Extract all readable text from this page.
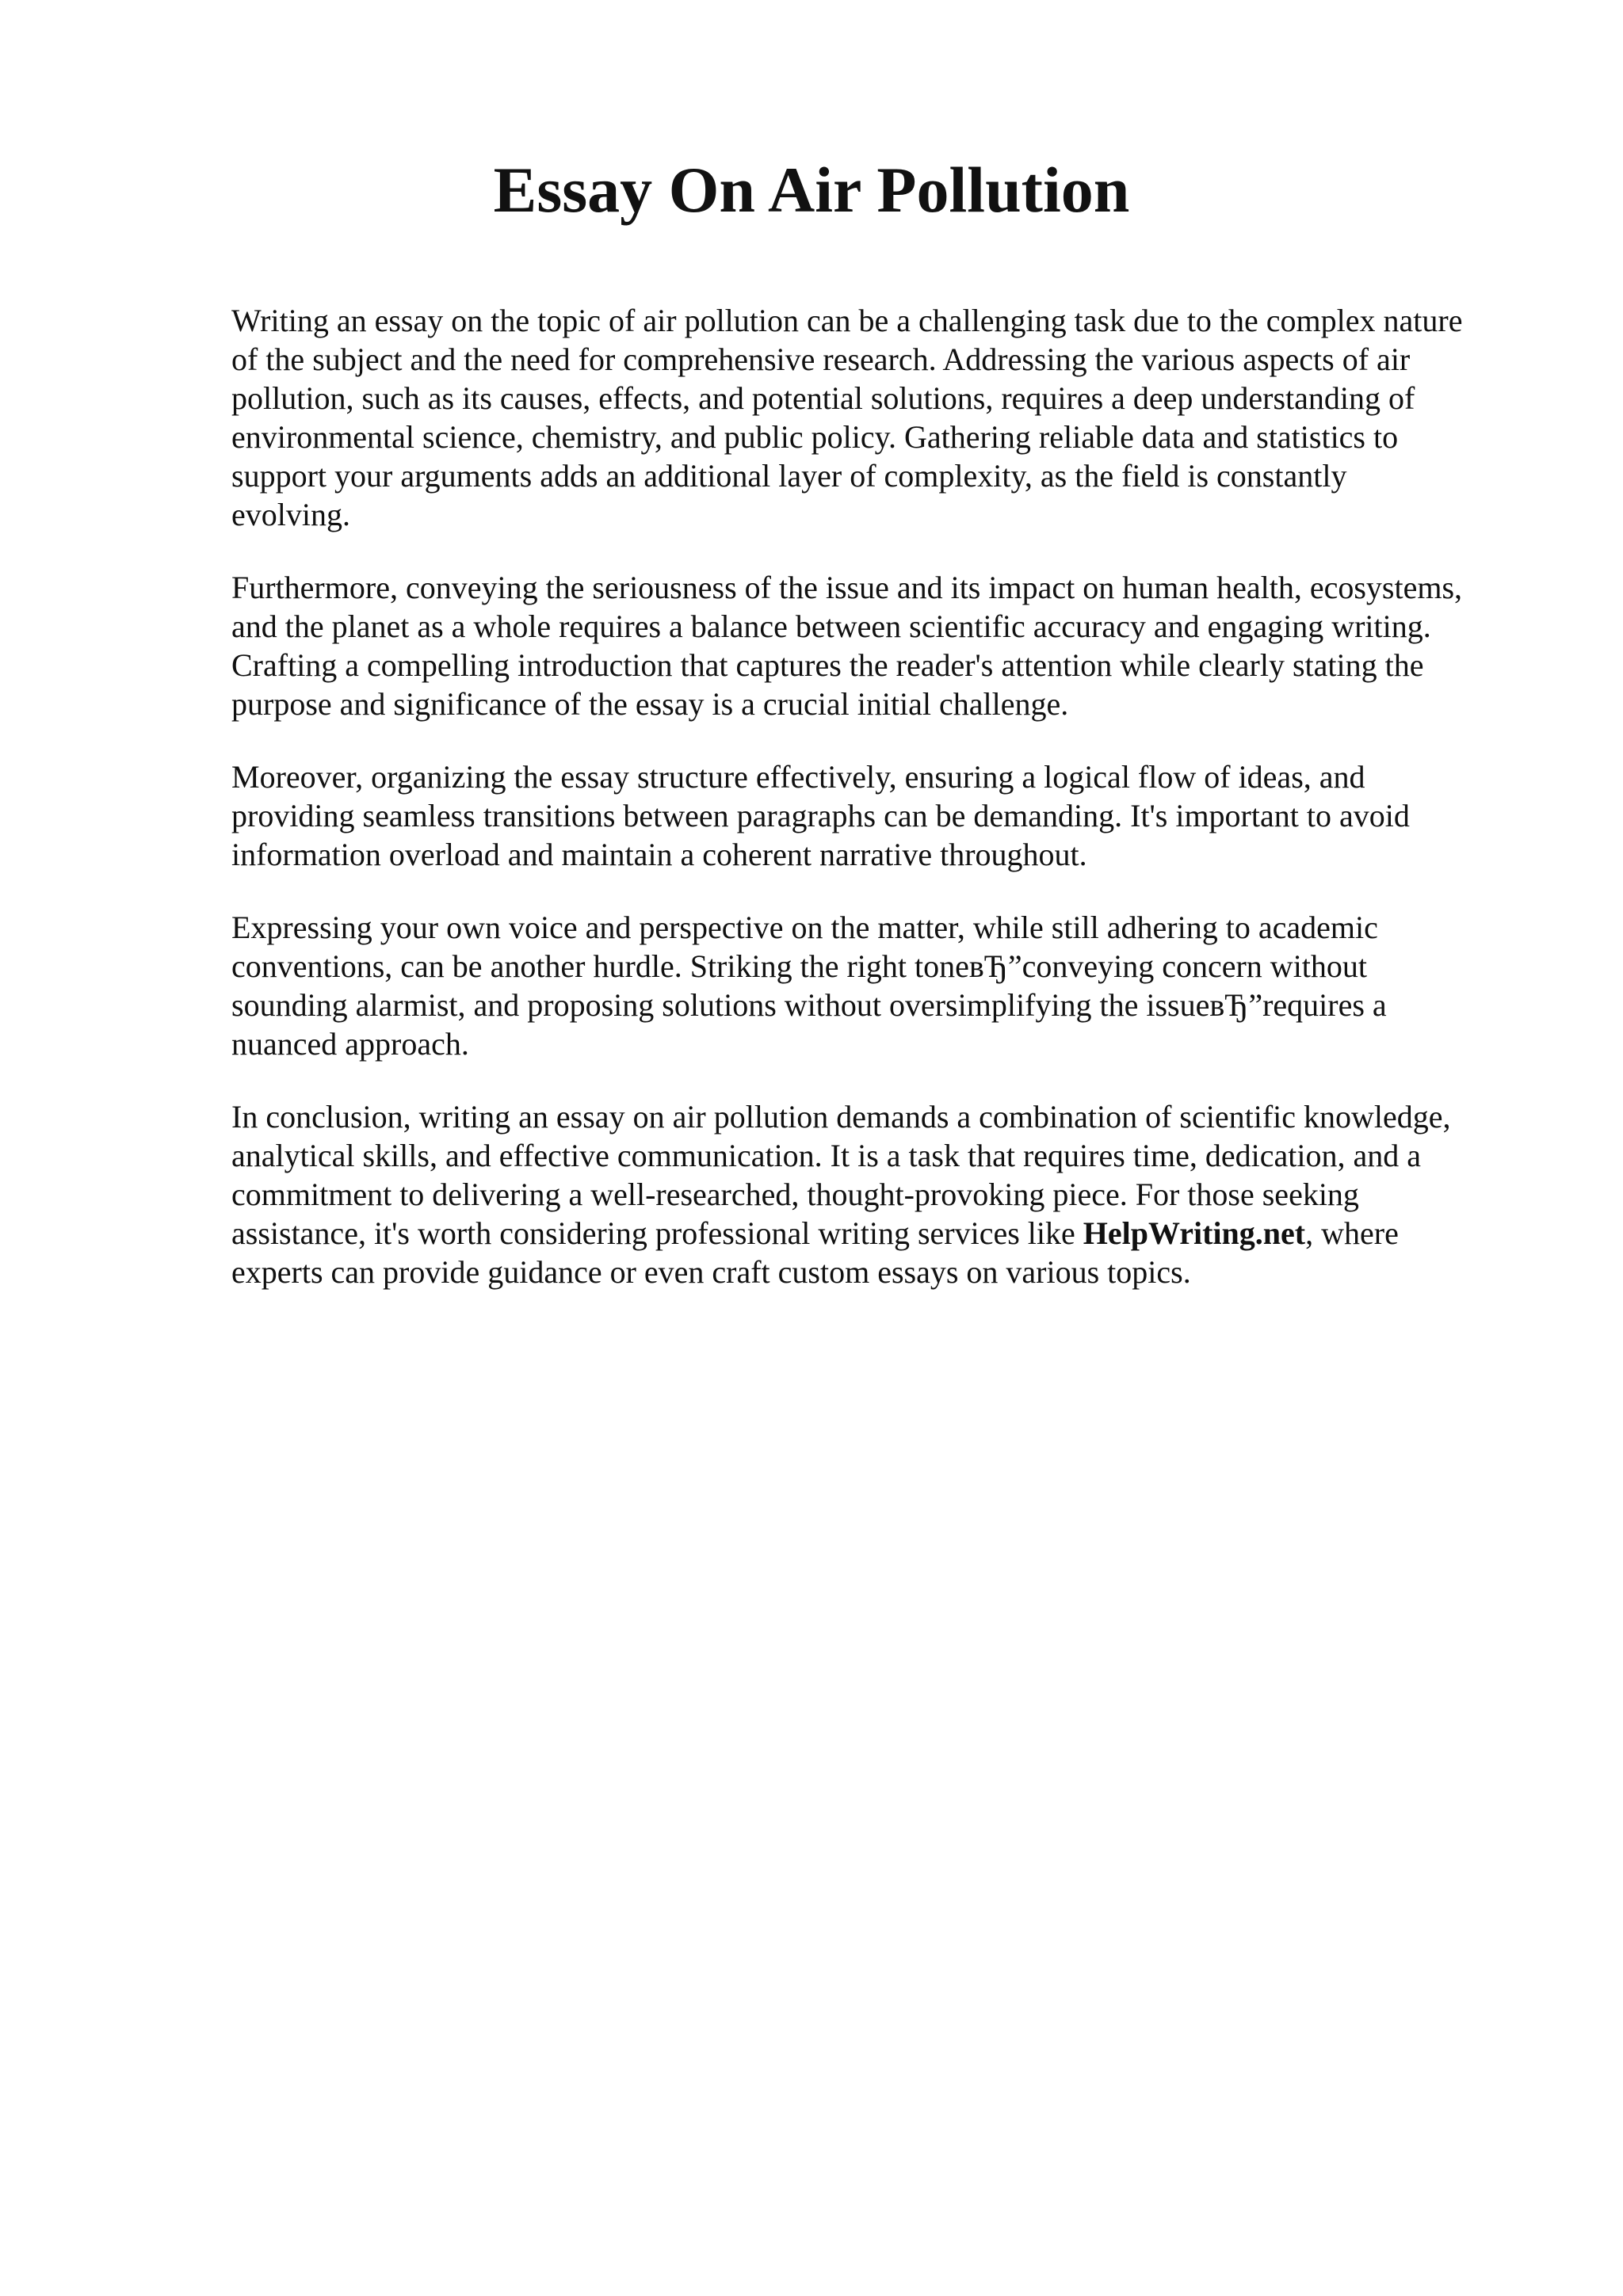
Essay On Air Pollution

Writing an essay on the topic of air pollution can be a challenging task due to the complex nature
of the subject and the need for comprehensive research. Addressing the various aspects of air
pollution, such as its causes, effects, and potential solutions, requires a deep understanding of
environmental science, chemistry, and public policy. Gathering reliable data and statistics to
support your arguments adds an additional layer of complexity, as the field is constantly
evolving.

Furthermore, conveying the seriousness of the issue and its impact on human health, ecosystems,
and the planet as a whole requires a balance between scientific accuracy and engaging writing.
Crafting a compelling introduction that captures the reader's attention while clearly stating the
purpose and significance of the essay is a crucial initial challenge.

Moreover, organizing the essay structure effectively, ensuring a logical flow of ideas, and
providing seamless transitions between paragraphs can be demanding. It's important to avoid
information overload and maintain a coherent narrative throughout.

Expressing your own voice and perspective on the matter, while still adhering to academic
conventions, can be another hurdle. Striking the right toneвЂ”conveying concern without
sounding alarmist, and proposing solutions without oversimplifying the issueвЂ”requires a
nuanced approach.

In conclusion, writing an essay on air pollution demands a combination of scientific knowledge,
analytical skills, and effective communication. It is a task that requires time, dedication, and a
commitment to delivering a well-researched, thought-provoking piece. For those seeking
assistance, it's worth considering professional writing services like HelpWriting.net, where
experts can provide guidance or even craft custom essays on various topics.
